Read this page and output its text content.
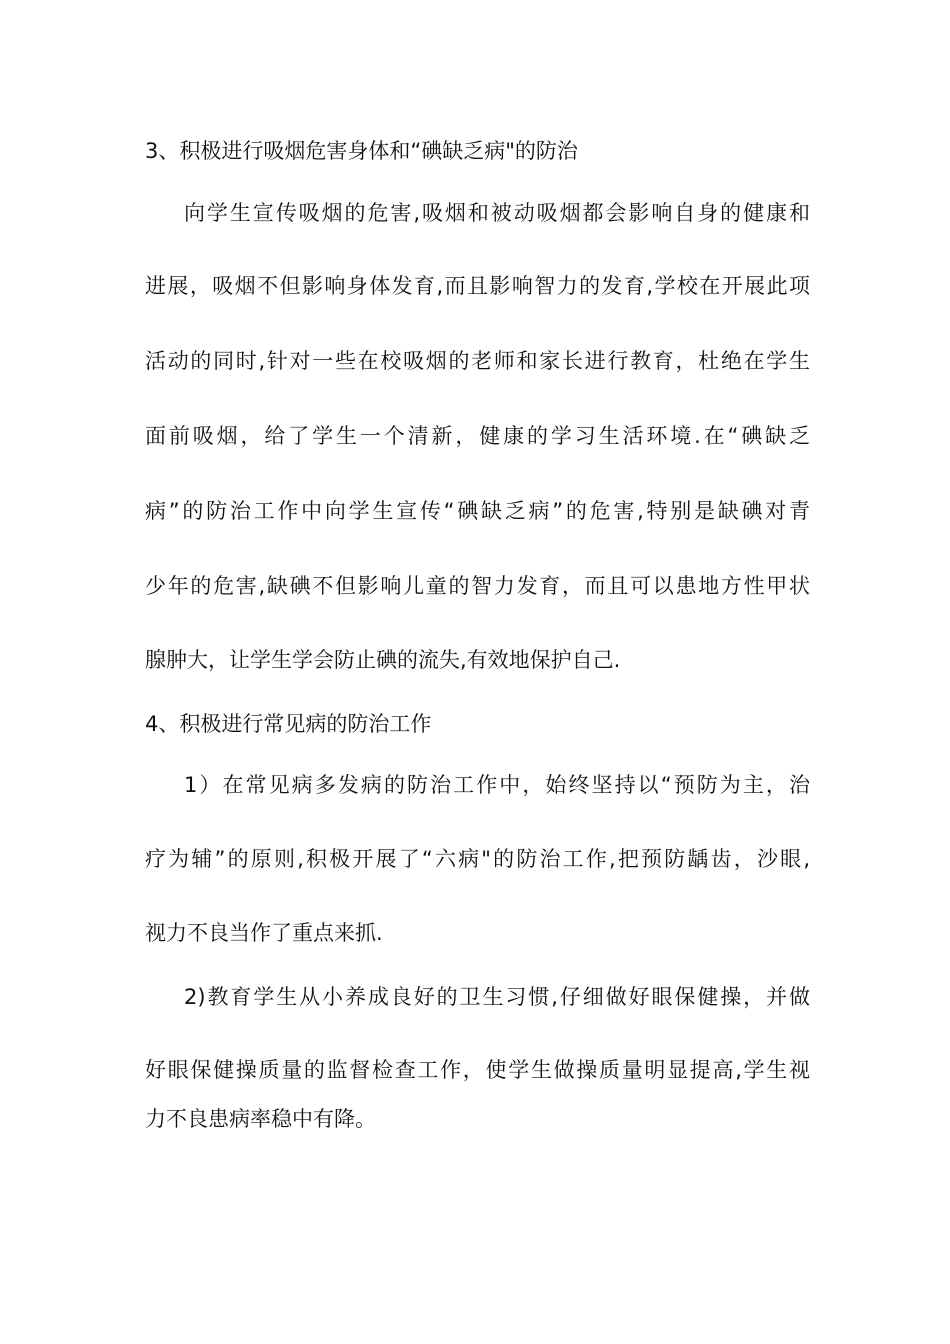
3、积极进行吸烟危害身体和“碘缺乏病"的防治
向学生宣传吸烟的危害,吸烟和被动吸烟都会影响自身的健康和
进展，吸烟不但影响身体发育,而且影响智力的发育,学校在开展此项
活动的同时,针对一些在校吸烟的老师和家长进行教育，杜绝在学生
面前吸烟，给了学生一个清新，健康的学习生活环境.在“碘缺乏
病”的防治工作中向学生宣传“碘缺乏病”的危害,特别是缺碘对青
少年的危害,缺碘不但影响儿童的智力发育，而且可以患地方性甲状
腺肿大，让学生学会防止碘的流失,有效地保护自己.
4、积极进行常见病的防治工作
1）在常见病多发病的防治工作中，始终坚持以“预防为主，治
疗为辅”的原则,积极开展了“六病"的防治工作,把预防龋齿，沙眼,
视力不良当作了重点来抓.
2)教育学生从小养成良好的卫生习惯,仔细做好眼保健操，并做
好眼保健操质量的监督检查工作，使学生做操质量明显提高,学生视
力不良患病率稳中有降。
